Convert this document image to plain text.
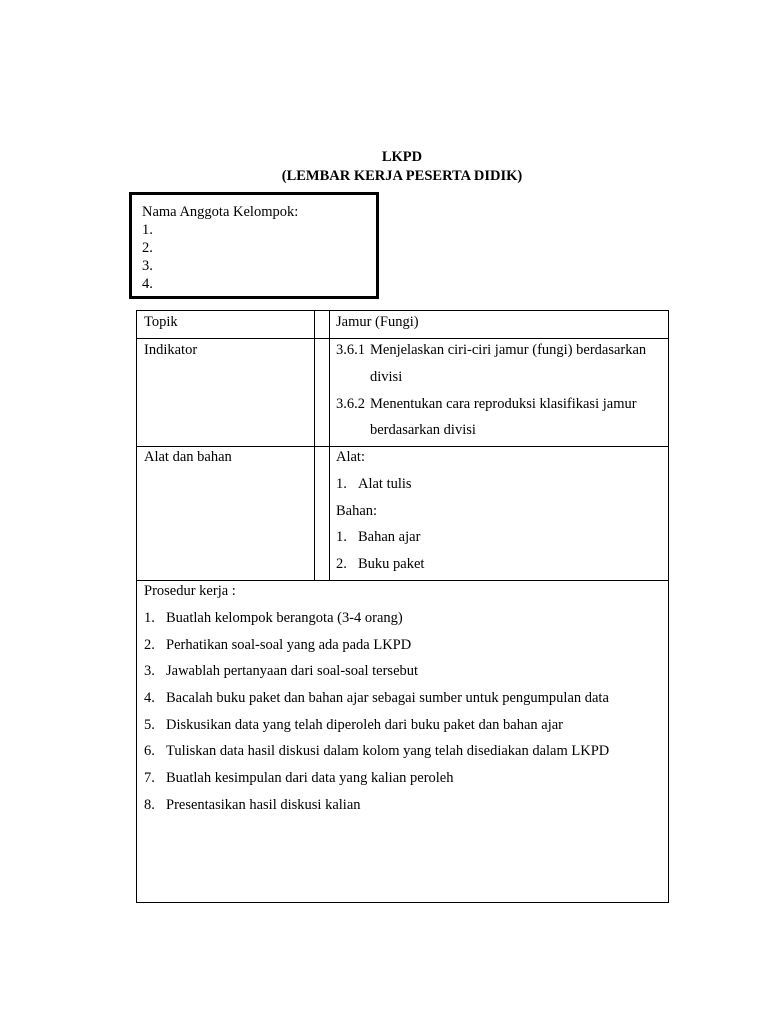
LKPD
(LEMBAR KERJA PESERTA DIDIK)
Nama Anggota Kelompok:
1.
2.
3.
4.
Topik	Jamur (Fungi)
Indikator	3.6.1 Menjelaskan ciri-ciri jamur (fungi) berdasarkan
divisi
3.6.2 Menentukan cara reproduksi klasifikasi jamur
berdasarkan divisi
Alat dan bahan	Alat:
1. Alat tulis
Bahan:
1. Bahan ajar
2. Buku paket
Prosedur kerja :
1. Buatlah kelompok berangota (3-4 orang)
2. Perhatikan soal-soal yang ada pada LKPD
3. Jawablah pertanyaan dari soal-soal tersebut
4. Bacalah buku paket dan bahan ajar sebagai sumber untuk pengumpulan data
5. Diskusikan data yang telah diperoleh dari buku paket dan bahan ajar
6. Tuliskan data hasil diskusi dalam kolom yang telah disediakan dalam LKPD
7. Buatlah kesimpulan dari data yang kalian peroleh
8. Presentasikan hasil diskusi kalian
